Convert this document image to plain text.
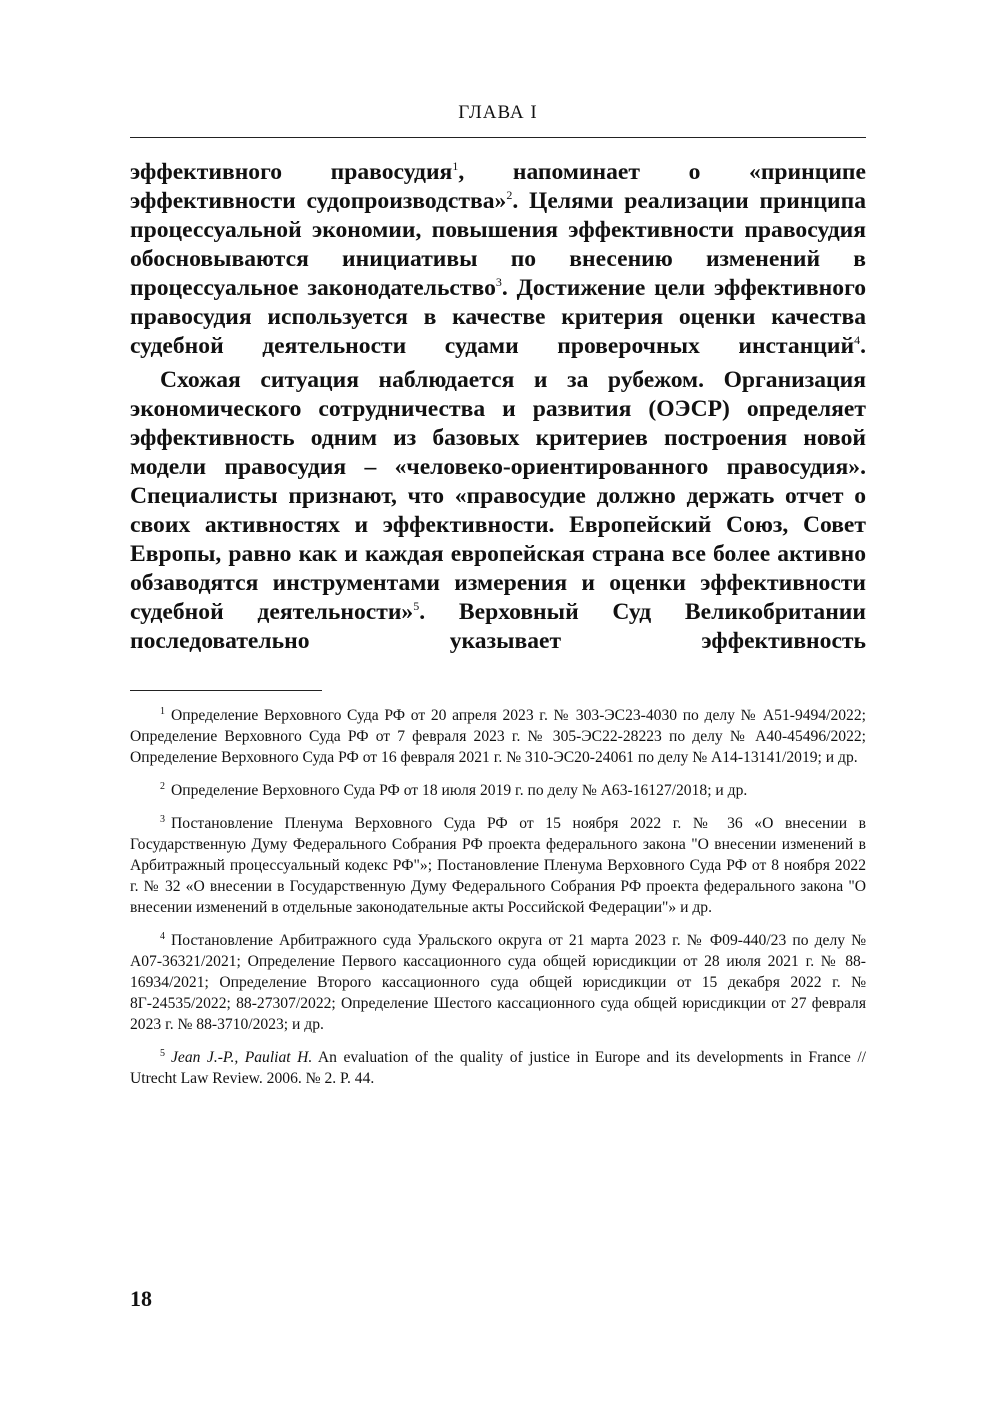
ГЛАВА I

эффективного правосудия$^1$, напоминает о «принципе эффективности судопроизводства»$^2$. Целями реализации принципа процессуальной экономии, повышения эффективности правосудия обосновываются инициативы по внесению изменений в процессуальное законодательство$^3$. Достижение цели эффективного правосудия используется в качестве критерия оценки качества судебной деятельности судами проверочных инстанций$^4$.

Схожая ситуация наблюдается и за рубежом. Организация экономического сотрудничества и развития (ОЭСР) определяет эффективность одним из базовых критериев построения новой модели правосудия – «человеко-ориентированного правосудия». Специалисты признают, что «правосудие должно держать отчет о своих активностях и эффективности. Европейский Союз, Совет Европы, равно как и каждая европейская страна все более активно обзаводятся инструментами измерения и оценки эффективности судебной деятельности»$^5$. Верховный Суд Великобритании последовательно указывает эффективность

$^1$ Определение Верховного Суда РФ от 20 апреля 2023 г. № 303-ЭС23-4030 по делу № А51-9494/2022; Определение Верховного Суда РФ от 7 февраля 2023 г. № 305-ЭС22-28223 по делу № А40-45496/2022; Определение Верховного Суда РФ от 16 февраля 2021 г. № 310-ЭС20-24061 по делу № А14-13141/2019; и др.

$^2$ Определение Верховного Суда РФ от 18 июля 2019 г. по делу № А63-16127/2018; и др.

$^3$ Постановление Пленума Верховного Суда РФ от 15 ноября 2022 г. № 36 «О внесении в Государственную Думу Федерального Собрания РФ проекта федерального закона "О внесении изменений в Арбитражный процессуальный кодекс РФ"»; Постановление Пленума Верховного Суда РФ от 8 ноября 2022 г. № 32 «О внесении в Государственную Думу Федерального Собрания РФ проекта федерального закона "О внесении изменений в отдельные законодательные акты Российской Федерации"» и др.

$^4$ Постановление Арбитражного суда Уральского округа от 21 марта 2023 г. № Ф09-440/23 по делу № А07-36321/2021; Определение Первого кассационного суда общей юрисдикции от 28 июля 2021 г. № 88-16934/2021; Определение Второго кассационного суда общей юрисдикции от 15 декабря 2022 г. № 8Г-24535/2022; 88-27307/2022; Определение Шестого кассационного суда общей юрисдикции от 27 февраля 2023 г. № 88-3710/2023; и др.

$^5$ Jean J.-P., Pauliat H. An evaluation of the quality of justice in Europe and its developments in France // Utrecht Law Review. 2006. № 2. P. 44.

18
